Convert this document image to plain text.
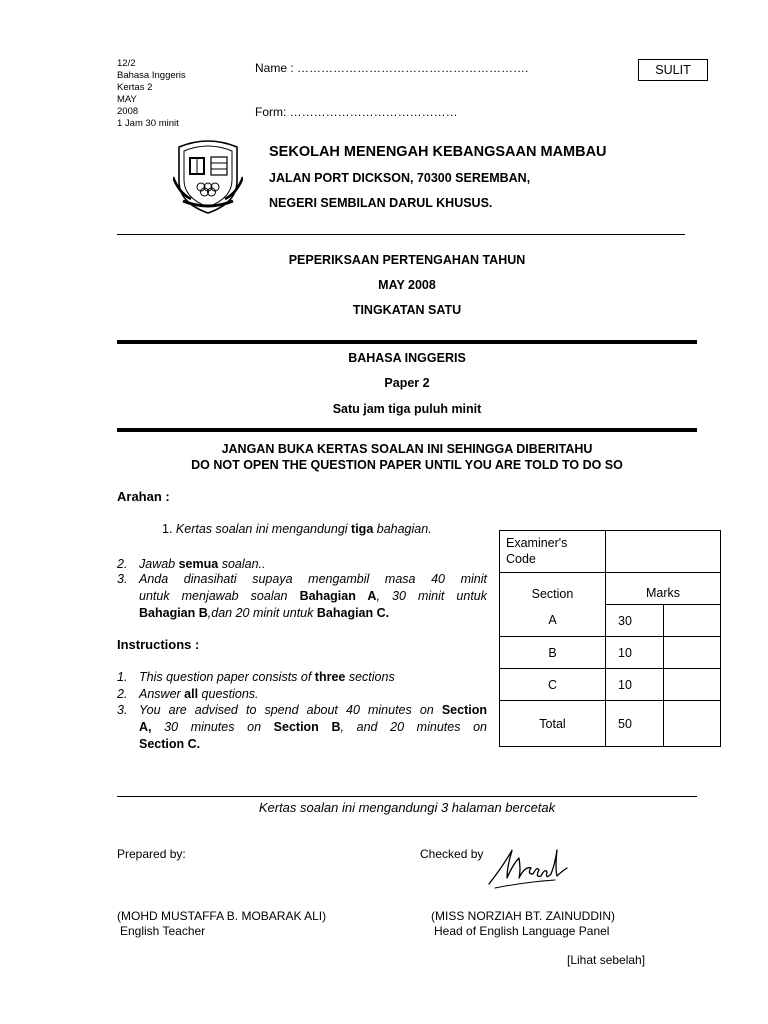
12/2
Bahasa Inggeris
Kertas 2
MAY
2008
1 Jam 30 minit
Name : ………………………………………………….
Form: ……………………………………
SULIT
SEKOLAH MENENGAH KEBANGSAAN MAMBAU
JALAN PORT DICKSON, 70300 SEREMBAN,
NEGERI SEMBILAN DARUL KHUSUS.
PEPERIKSAAN PERTENGAHAN TAHUN
MAY 2008
TINGKATAN SATU
BAHASA INGGERIS
Paper 2
Satu jam tiga puluh minit
JANGAN BUKA KERTAS SOALAN INI SEHINGGA DIBERITAHU
DO NOT OPEN THE QUESTION PAPER UNTIL YOU ARE TOLD TO DO SO
Arahan :
1. Kertas soalan ini mengandungi tiga bahagian.
2. Jawab semua soalan..
3. Anda dinasihati supaya mengambil masa 40 minit
untuk menjawab soalan Bahagian A, 30 minit untuk
Bahagian B,dan 20 minit untuk Bahagian C.
Instructions :
1. This question paper consists of three sections
2. Answer all questions.
3. You are advised to spend about 40 minutes on Section
A, 30 minutes on Section B, and 20 minutes on
Section C.
Examiner's Code		
Section	Marks	
A	30	
B	10	
C	10	
Total	50	
Kertas soalan ini mengandungi 3 halaman bercetak
Prepared by:	Checked by
(MOHD MUSTAFFA B. MOBARAK ALI)
English Teacher
(MISS NORZIAH BT. ZAINUDDIN)
Head of English Language Panel
[Lihat sebelah]
